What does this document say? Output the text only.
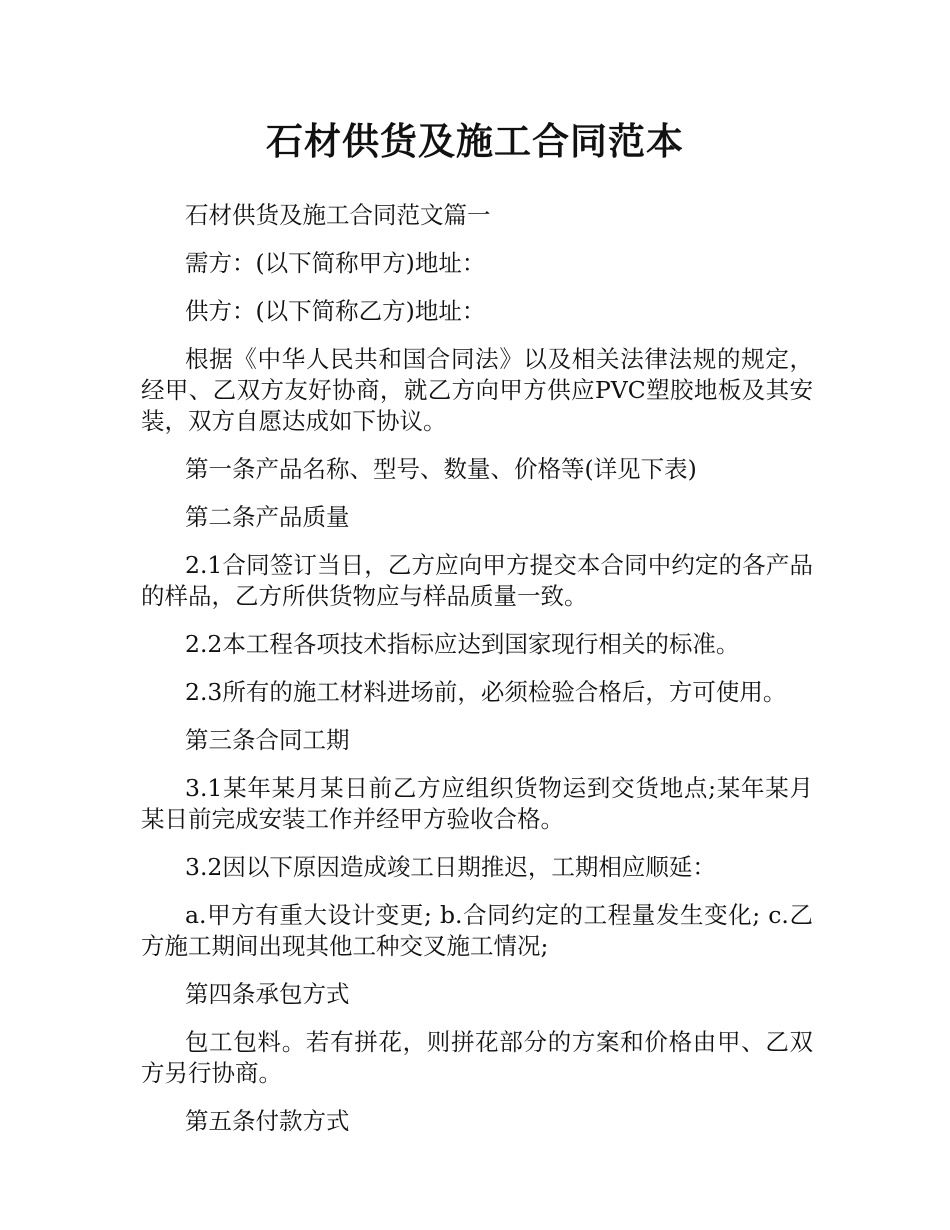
石材供货及施工合同范本

石材供货及施工合同范文篇一

需方：(以下简称甲方)地址：

供方：(以下简称乙方)地址：

根据《中华人民共和国合同法》以及相关法律法规的规定，经甲、乙双方友好协商，就乙方向甲方供应PVC塑胶地板及其安装，双方自愿达成如下协议。

第一条产品名称、型号、数量、价格等(详见下表)

第二条产品质量

2.1合同签订当日，乙方应向甲方提交本合同中约定的各产品的样品，乙方所供货物应与样品质量一致。

2.2本工程各项技术指标应达到国家现行相关的标准。

2.3所有的施工材料进场前，必须检验合格后，方可使用。

第三条合同工期

3.1某年某月某日前乙方应组织货物运到交货地点;某年某月某日前完成安装工作并经甲方验收合格。

3.2因以下原因造成竣工日期推迟，工期相应顺延：

a.甲方有重大设计变更; b.合同约定的工程量发生变化; c.乙方施工期间出现其他工种交叉施工情况;

第四条承包方式

包工包料。若有拼花，则拼花部分的方案和价格由甲、乙双方另行协商。

第五条付款方式
